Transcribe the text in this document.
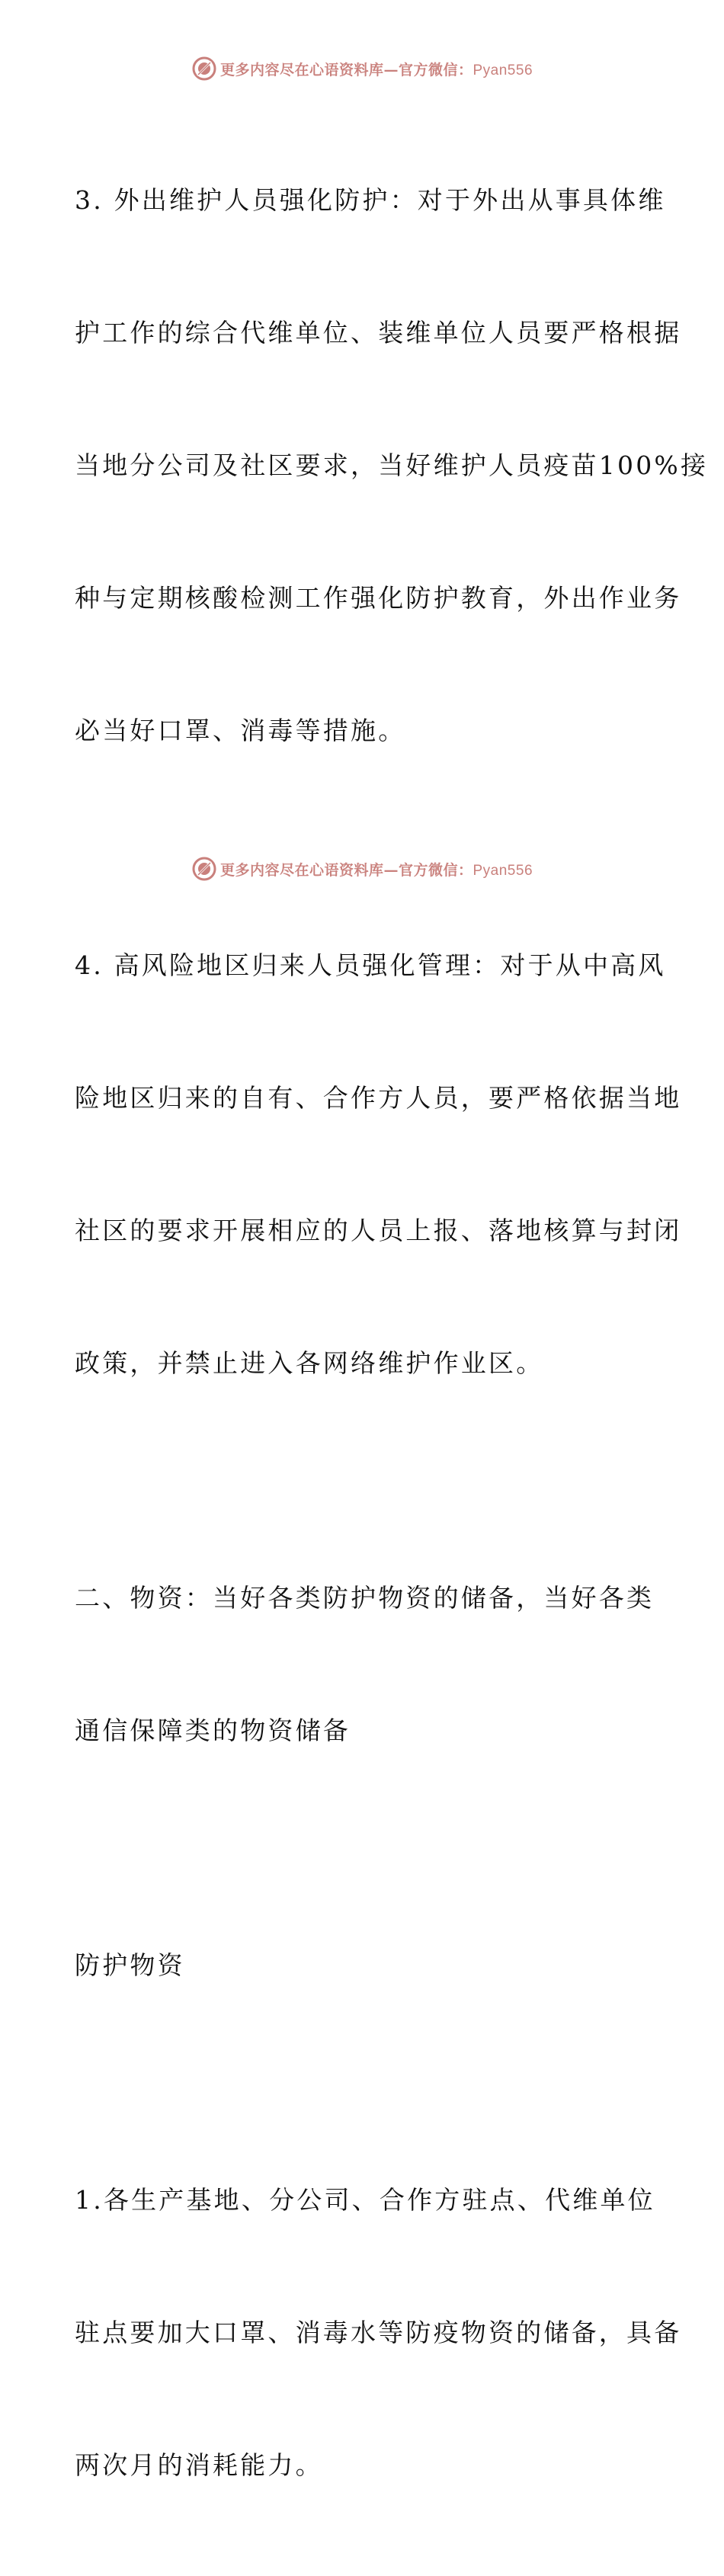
更多内容尽在心语资料库—官方微信：Pyan556

3. 外出维护人员强化防护：对于外出从事具体维

护工作的综合代维单位、装维单位人员要严格根据

当地分公司及社区要求，当好维护人员疫苗100%接

种与定期核酸检测工作强化防护教育，外出作业务

必当好口罩、消毒等措施。

4. 高风险地区归来人员强化管理：对于从中高风

险地区归来的自有、合作方人员，要严格依据当地

社区的要求开展相应的人员上报、落地核算与封闭

政策，并禁止进入各网络维护作业区。

二、物资：当好各类防护物资的储备，当好各类

通信保障类的物资储备

防护物资

1.各生产基地、分公司、合作方驻点、代维单位

驻点要加大口罩、消毒水等防疫物资的储备，具备

两次月的消耗能力。

更多内容尽在心语资料库—官方微信：Pyan556
